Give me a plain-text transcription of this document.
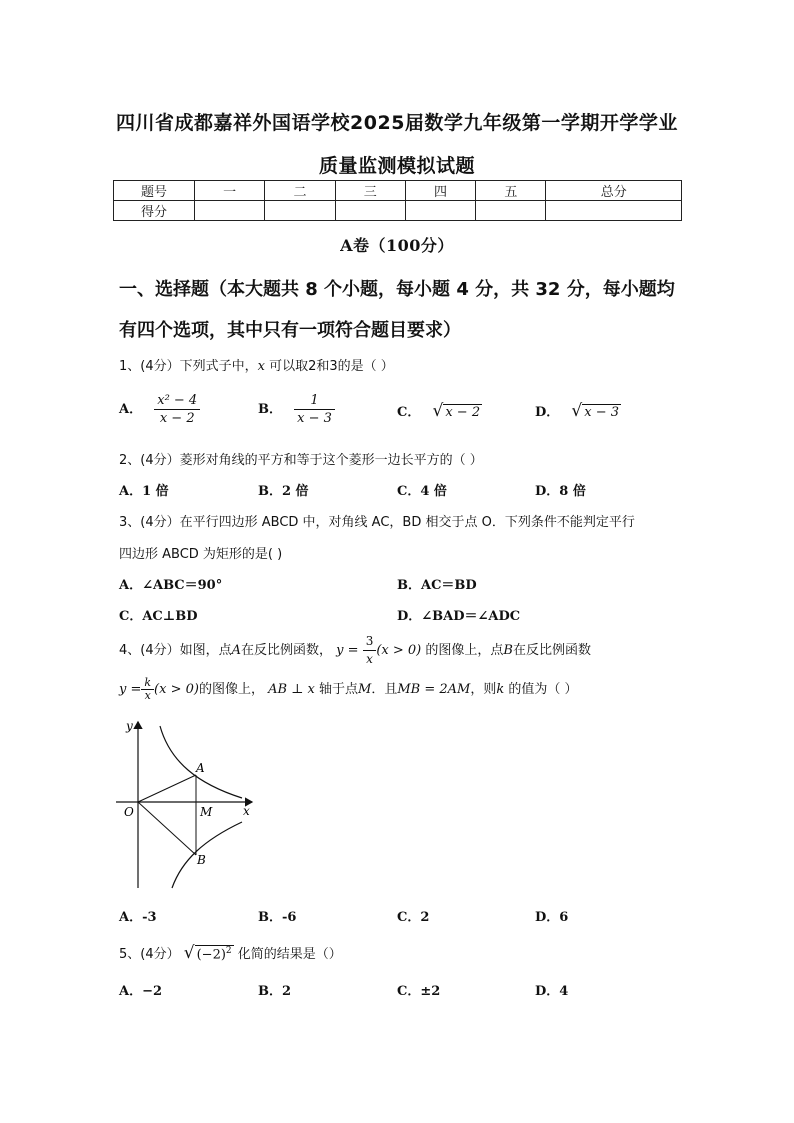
四川省成都嘉祥外国语学校2025届数学九年级第一学期开学学业
质量监测模拟试题
题号	一	二	三	四	五	总分
得分						
A卷（100分）
一、选择题（本大题共 8 个小题，每小题 4 分，共 32 分，每小题均
有四个选项，其中只有一项符合题目要求）
1、(4分）下列式子中，x 可以取2和3的是（ ）
A． $\frac{\text{x² − 4}}{x - 2}$	B． $\frac{1}{x - 3}$	C． √ x − 2	D． √ x − 3
2、(4分）菱形对角线的平方和等于这个菱形一边长平方的（ ）
A．1 倍	B．2 倍	C．4 倍	D．8 倍
3、(4分）在平行四边形 ABCD 中，对角线 AC，BD 相交于点 O．下列条件不能判定平行
四边形 ABCD 为矩形的是( )
A．∠ABC＝90°	B．AC＝BD
C．AC⊥BD	D．∠BAD＝∠ADC
4、(4分）如图，点A在反比例函数， $y = \frac{3}{x} (x > 0)$ 的图像上，点B在反比例函数
$y = \frac{k}{x} (x > 0)$的图像上， AB ⊥ x 轴于点M．且MB = 2AM，则k 的值为（ ）
y
x
O
A
M
B
A．-3	B．-6	C．2	D．6
5、(4分） √ $(-2)^2$ 化简的结果是（）
A．−2	B．2	C．±2	D．4
